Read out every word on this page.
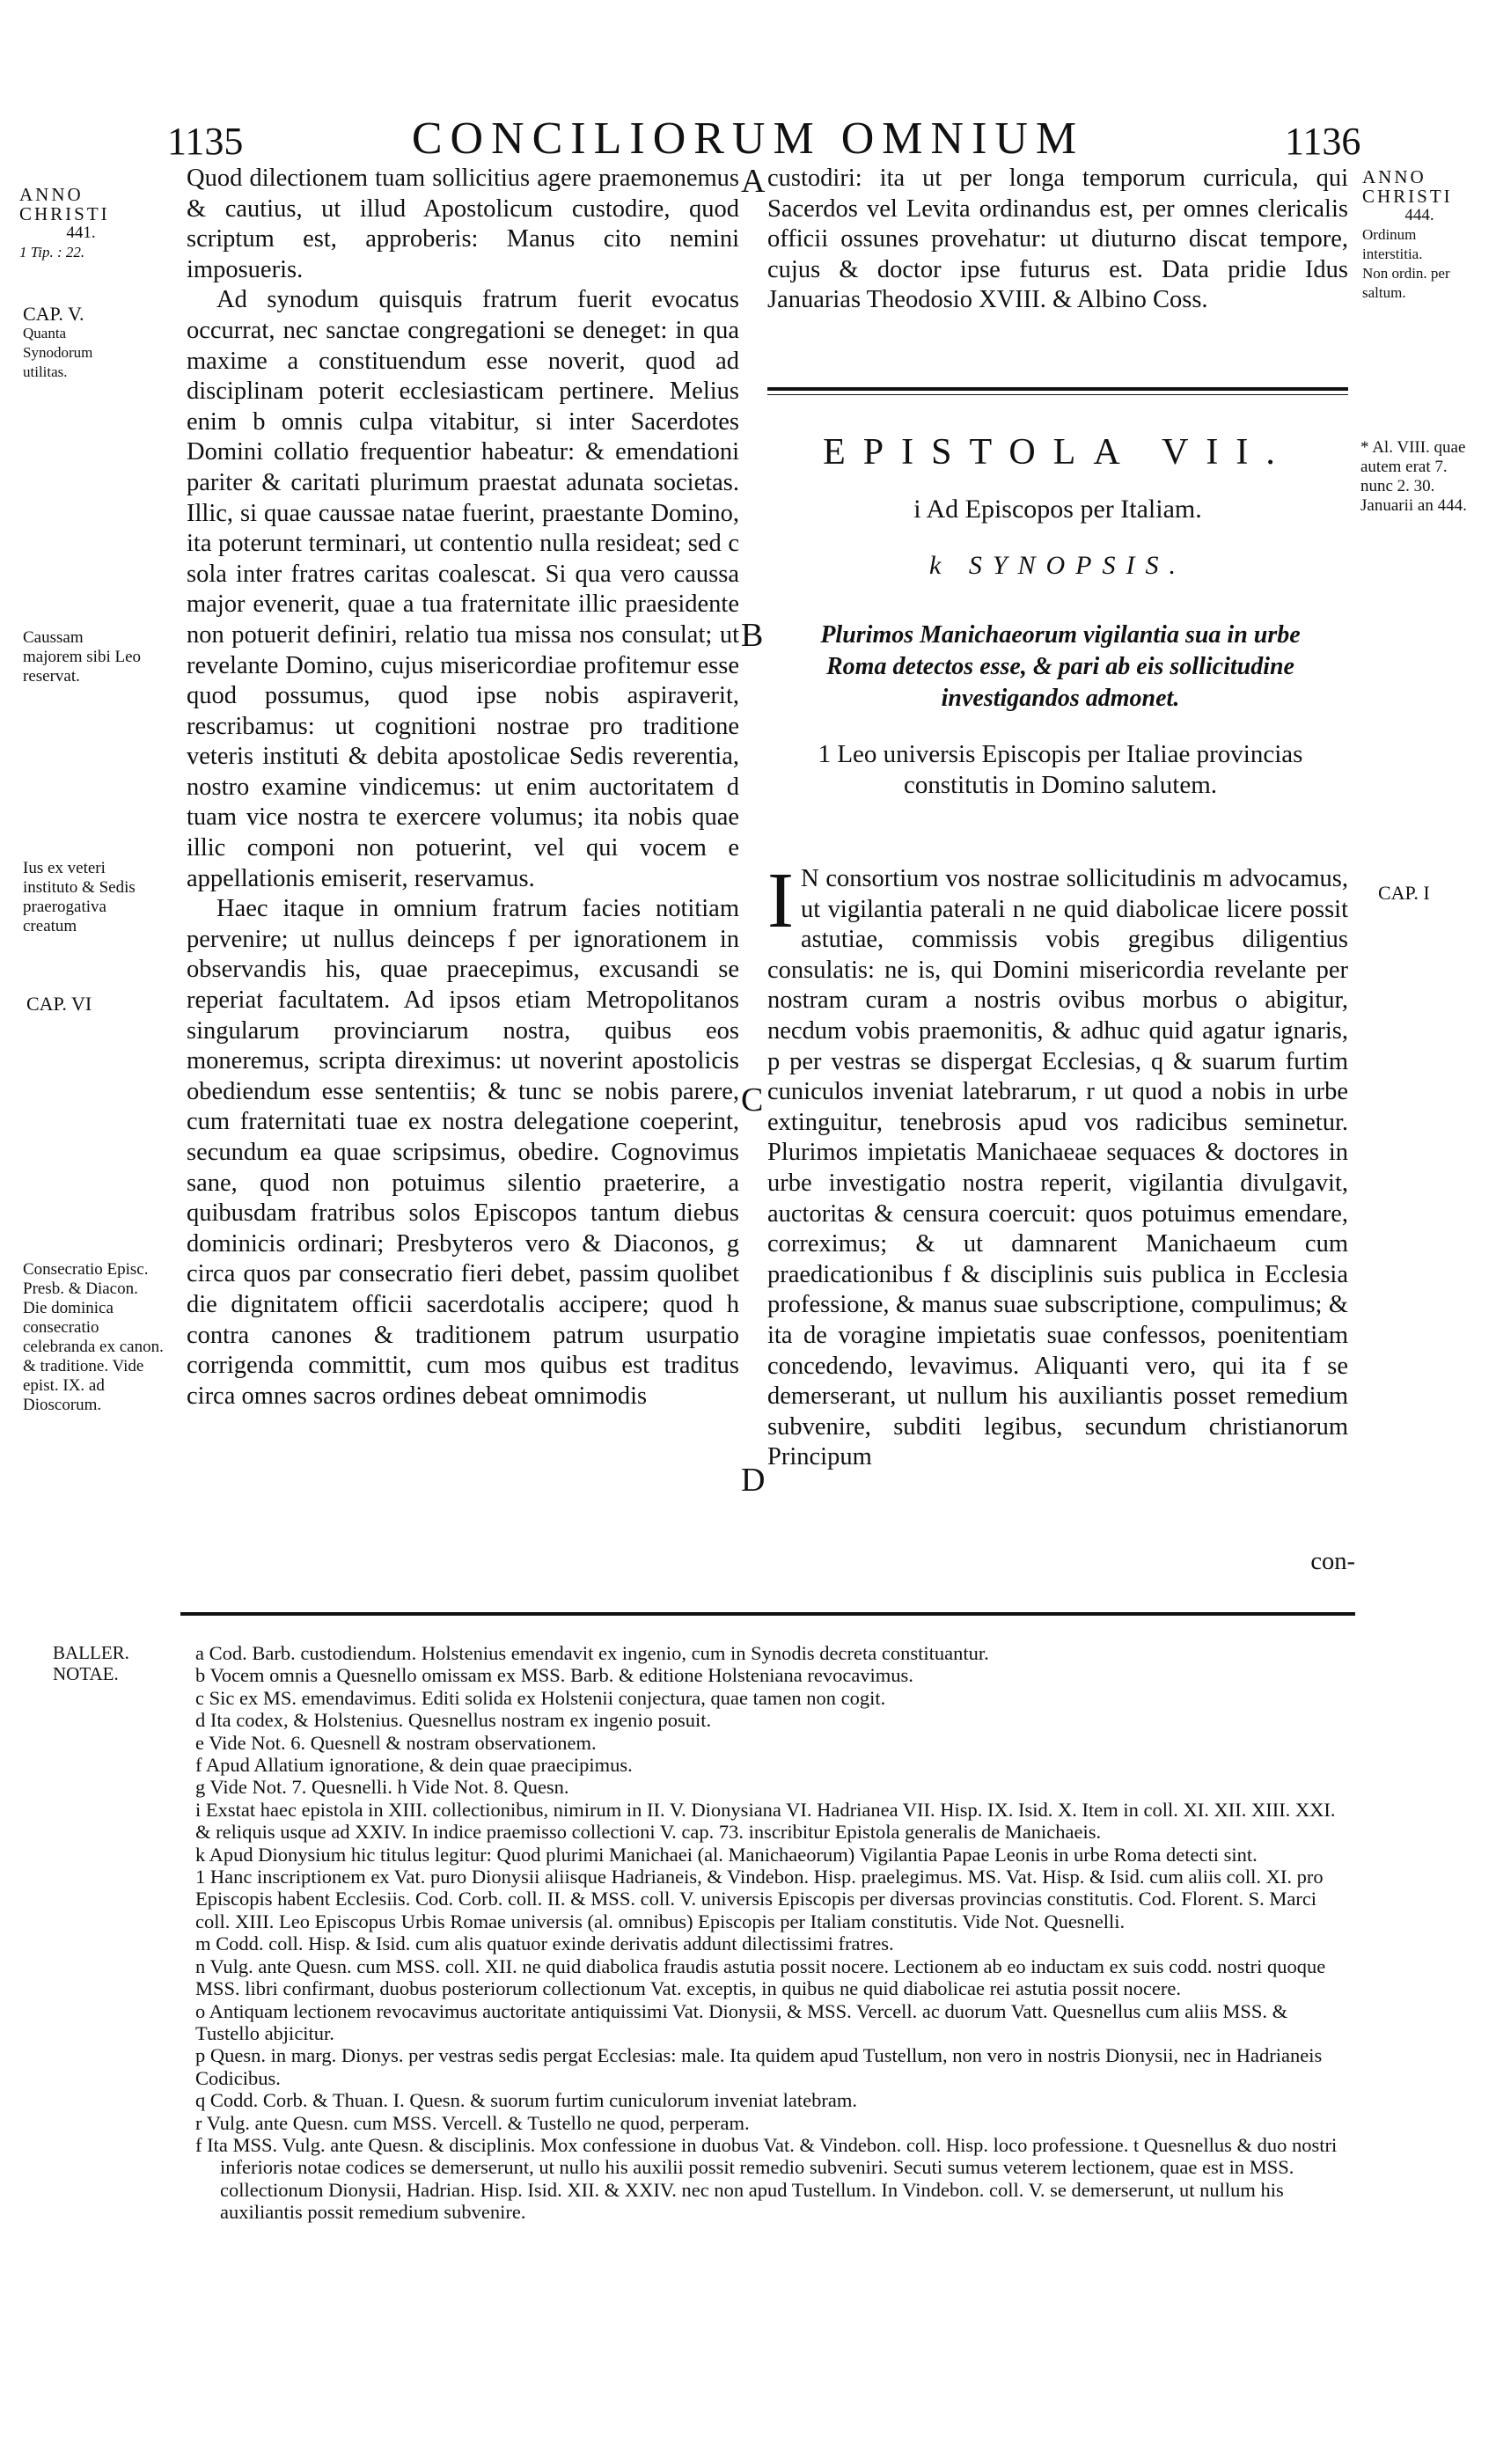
1135	CONCILIORUM OMNIUM	1136
ANNO
CHRISTI
441.
1 Tip. : 22.
CAP. V.
Quanta Synodorum utilitas.
Caussam majorem sibi Leo reservat.
Ius ex veteri instituto & Sedis praerogativa creatum
CAP. VI
Consecratio Episc. Presb. & Diacon. Die dominica consecratio celebranda ex canon. & traditione. Vide epist. IX. ad Dioscorum.
ANNO
CHRISTI
444.
Ordinum interstitia.
Non ordin. per saltum.
* Al. VIII. quae autem erat 7. nunc 2. 30. Januarii an 444.
CAP. I
A
B
C
D

Quod dilectionem tuam sollicitius agere praemonemus & cautius, ut illud Apostolicum custodire, quod scriptum est, approberis: Manus cito nemini imposueris.

Ad synodum quisquis fratrum fuerit evocatus occurrat, nec sanctae congregationi se deneget: in qua maxime a constituendum esse noverit, quod ad disciplinam poterit ecclesiasticam pertinere. Melius enim b omnis culpa vitabitur, si inter Sacerdotes Domini collatio frequentior habeatur: & emendationi pariter & caritati plurimum praestat adunata societas. Illic, si quae caussae natae fuerint, praestante Domino, ita poterunt terminari, ut contentio nulla resideat; sed c sola inter fratres caritas coalescat. Si qua vero caussa major evenerit, quae a tua fraternitate illic praesidente non potuerit definiri, relatio tua missa nos consulat; ut revelante Domino, cujus misericordiae profitemur esse quod possumus, quod ipse nobis aspiraverit, rescribamus: ut cognitioni nostrae pro traditione veteris instituti & debita apostolicae Sedis reverentia, nostro examine vindicemus: ut enim auctoritatem d tuam vice nostra te exercere volumus; ita nobis quae illic componi non potuerint, vel qui vocem e appellationis emiserit, reservamus.

Haec itaque in omnium fratrum facies notitiam pervenire; ut nullus deinceps f per ignorationem in observandis his, quae praecepimus, excusandi se reperiat facultatem. Ad ipsos etiam Metropolitanos singularum provinciarum nostra, quibus eos moneremus, scripta direximus: ut noverint apostolicis obediendum esse sententiis; & tunc se nobis parere, cum fraternitati tuae ex nostra delegatione coeperint, secundum ea quae scripsimus, obedire. Cognovimus sane, quod non potuimus silentio praeterire, a quibusdam fratribus solos Episcopos tantum diebus dominicis ordinari; Presbyteros vero & Diaconos, g circa quos par consecratio fieri debet, passim quolibet die dignitatem officii sacerdotalis accipere; quod h contra canones & traditionem patrum usurpatio corrigenda committit, cum mos quibus est traditus circa omnes sacros ordines debeat omnimodis

custodiri: ita ut per longa temporum curricula, qui Sacerdos vel Levita ordinandus est, per omnes clericalis officii ossunes provehatur: ut diuturno discat tempore, cujus & doctor ipse futurus est. Data pridie Idus Januarias Theodosio XVIII. & Albino Coss.
EPISTOLA VII.
i Ad Episcopos per Italiam.
k SYNOPSIS.
Plurimos Manichaeorum vigilantia sua in urbe Roma detectos esse, & pari ab eis sollicitudine investigandos admonet.
1 Leo universis Episcopis per Italiae provincias constitutis in Domino salutem.
I N consortium vos nostrae sollicitudinis m advocamus, ut vigilantia paterali n ne quid diabolicae licere possit astutiae, commissis vobis gregibus diligentius consulatis: ne is, qui Domini misericordia revelante per nostram curam a nostris ovibus morbus o abigitur, necdum vobis praemonitis, & adhuc quid agatur ignaris, p per vestras se dispergat Ecclesias, q & suarum furtim cuniculos inveniat latebrarum, r ut quod a nobis in urbe extinguitur, tenebrosis apud vos radicibus seminetur. Plurimos impietatis Manichaeae sequaces & doctores in urbe investigatio nostra reperit, vigilantia divulgavit, auctoritas & censura coercuit: quos potuimus emendare, correximus; & ut damnarent Manichaeum cum praedicationibus f & disciplinis suis publica in Ecclesia professione, & manus suae subscriptione, compulimus; & ita de voragine impietatis suae confessos, poenitentiam concedendo, levavimus. Aliquanti vero, qui ita f se demerserant, ut nullum his auxiliantis posset remedium subvenire, subditi legibus, secundum christianorum Principum
con-
BALLER. NOTAE.

a Cod. Barb. custodiendum. Holstenius emendavit ex ingenio, cum in Synodis decreta constituantur.

b Vocem omnis a Quesnello omissam ex MSS. Barb. & editione Holsteniana revocavimus.

c Sic ex MS. emendavimus. Editi solida ex Holstenii conjectura, quae tamen non cogit.

d Ita codex, & Holstenius. Quesnellus nostram ex ingenio posuit.

e Vide Not. 6. Quesnell & nostram observationem.

f Apud Allatium ignoratione, & dein quae praecipimus.

g Vide Not. 7. Quesnelli. h Vide Not. 8. Quesn.

i Exstat haec epistola in XIII. collectionibus, nimirum in II. V. Dionysiana VI. Hadrianea VII. Hisp. IX. Isid. X. Item in coll. XI. XII. XIII. XXI. & reliquis usque ad XXIV. In indice praemisso collectioni V. cap. 73. inscribitur Epistola generalis de Manichaeis.

k Apud Dionysium hic titulus legitur: Quod plurimi Manichaei (al. Manichaeorum) Vigilantia Papae Leonis in urbe Roma detecti sint.

1 Hanc inscriptionem ex Vat. puro Dionysii aliisque Hadrianeis, & Vindebon. Hisp. praelegimus. MS. Vat. Hisp. & Isid. cum aliis coll. XI. pro Episcopis habent Ecclesiis. Cod. Corb. coll. II. & MSS. coll. V. universis Episcopis per diversas provincias constitutis. Cod. Florent. S. Marci coll. XIII. Leo Episcopus Urbis Romae universis (al. omnibus) Episcopis per Italiam constitutis. Vide Not. Quesnelli.

m Codd. coll. Hisp. & Isid. cum alis quatuor exinde derivatis addunt dilectissimi fratres.

n Vulg. ante Quesn. cum MSS. coll. XII. ne quid diabolica fraudis astutia possit nocere. Lectionem ab eo inductam ex suis codd. nostri quoque MSS. libri confirmant, duobus posteriorum collectionum Vat. exceptis, in quibus ne quid diabolicae rei astutia possit nocere.

o Antiquam lectionem revocavimus auctoritate antiquissimi Vat. Dionysii, & MSS. Vercell. ac duorum Vatt. Quesnellus cum aliis MSS. & Tustello abjicitur.

p Quesn. in marg. Dionys. per vestras sedis pergat Ecclesias: male. Ita quidem apud Tustellum, non vero in nostris Dionysii, nec in Hadrianeis Codicibus.

q Codd. Corb. & Thuan. I. Quesn. & suorum furtim cuniculorum inveniat latebram.

r Vulg. ante Quesn. cum MSS. Vercell. & Tustello ne quod, perperam.

f Ita MSS. Vulg. ante Quesn. & disciplinis. Mox confessione in duobus Vat. & Vindebon. coll. Hisp. loco professione. t Quesnellus & duo nostri inferioris notae codices se demerserunt, ut nullo his auxilii possit remedio subveniri. Secuti sumus veterem lectionem, quae est in MSS. collectionum Dionysii, Hadrian. Hisp. Isid. XII. & XXIV. nec non apud Tustellum. In Vindebon. coll. V. se demerserunt, ut nullum his auxiliantis possit remedium subvenire.
